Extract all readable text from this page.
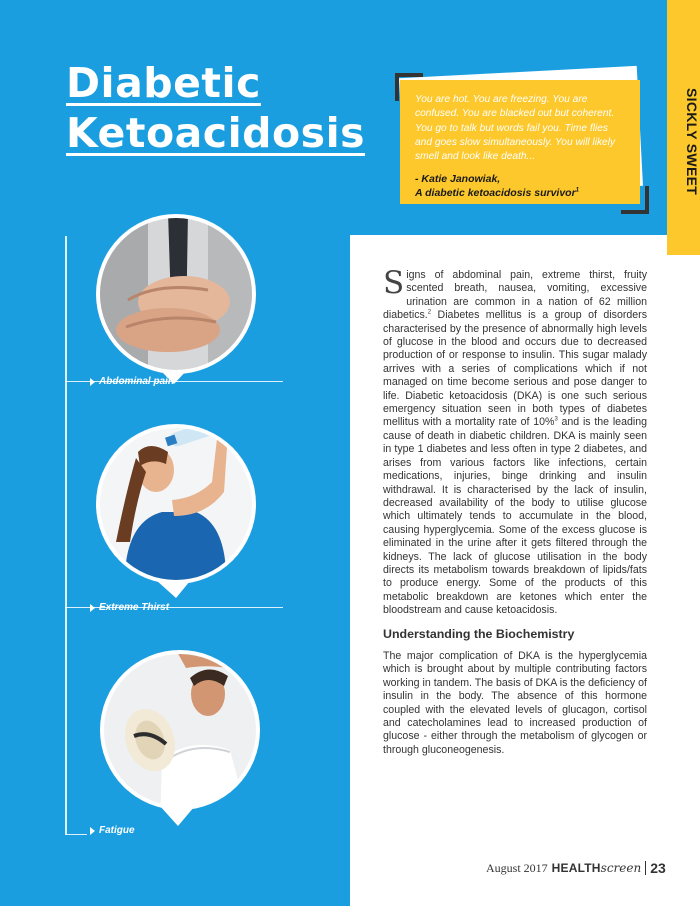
SICKLY SWEET
Diabetic
Ketoacidosis
You are hot. You are freezing. You are confused. You are blacked out but coherent. You go to talk but words fail you. Time flies and goes slow simultaneously. You will likely smell and look like death...
- Katie Janowiak,
A diabetic ketoacidosis survivor$^1$
Abdominal pain
Extreme Thirst
Fatigue

Signs of abdominal pain, extreme thirst, fruity scented breath, nausea, vomiting, excessive urination are common in a nation of 62 million diabetics.$^2$ Diabetes mellitus is a group of disorders characterised by the presence of abnormally high levels of glucose in the blood and occurs due to decreased production of or response to insulin. This sugar malady arrives with a series of complications which if not managed on time become serious and pose danger to life. Diabetic ketoacidosis (DKA) is one such serious emergency situation seen in both types of diabetes mellitus with a mortality rate of 10%$^3$ and is the leading cause of death in diabetic children. DKA is mainly seen in type 1 diabetes and less often in type 2 diabetes, and arises from various factors like infections, certain medications, injuries, binge drinking and insulin withdrawal. It is characterised by the lack of insulin, decreased availability of the body to utilise glucose which ultimately tends to accumulate in the blood, causing hyperglycemia. Some of the excess glucose is eliminated in the urine after it gets filtered through the kidneys. The lack of glucose utilisation in the body directs its metabolism towards breakdown of lipids/fats to produce energy. Some of the products of this metabolic breakdown are ketones which enter the bloodstream and cause ketoacidosis.

Understanding the Biochemistry

The major complication of DKA is the hyperglycemia which is brought about by multiple contributing factors working in tandem. The basis of DKA is the deficiency of insulin in the body. The absence of this hormone coupled with the elevated levels of glucagon, cortisol and catecholamines lead to increased production of glucose - either through the metabolism of glycogen or through gluconeogenesis.

August 2017 HEALTH screen 23
